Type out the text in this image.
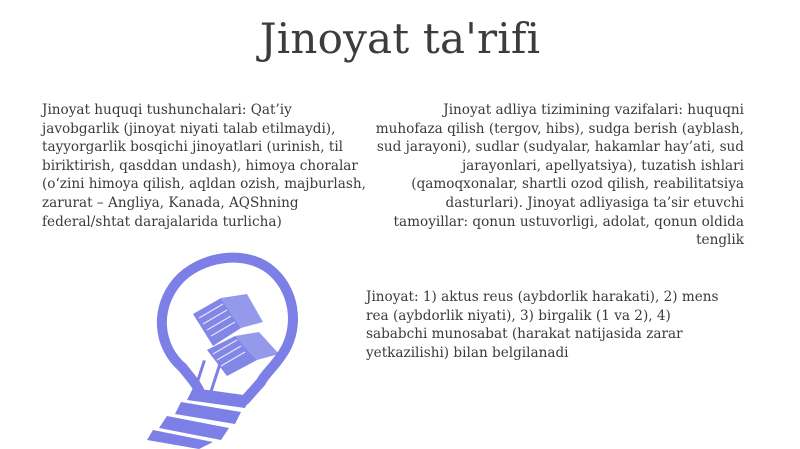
Jinoyat ta'rifi

Jinoyat huquqi tushunchalari: Qat’iy javobgarlik (jinoyat niyati talab etilmaydi), tayyorgarlik bosqichi jinoyatlari (urinish, til biriktirish, qasddan undash), himoya choralar (o‘zini himoya qilish, aqldan ozish, majburlash, zarurat – Angliya, Kanada, AQShning federal/shtat darajalarida turlicha)

Jinoyat adliya tizimining vazifalari: huquqni muhofaza qilish (tergov, hibs), sudga berish (ayblash, sud jarayoni), sudlar (sudyalar, hakamlar hay’ati, sud jarayonlari, apellyatsiya), tuzatish ishlari (qamoqxonalar, shartli ozod qilish, reabilitatsiya dasturlari). Jinoyat adliyasiga ta’sir etuvchi tamoyillar: qonun ustuvorligi, adolat, qonun oldida tenglik

Jinoyat: 1) aktus reus (aybdorlik harakati), 2) mens rea (aybdorlik niyati), 3) birgalik (1 va 2), 4) sababchi munosabat (harakat natijasida zarar yetkazilishi) bilan belgilanadi
